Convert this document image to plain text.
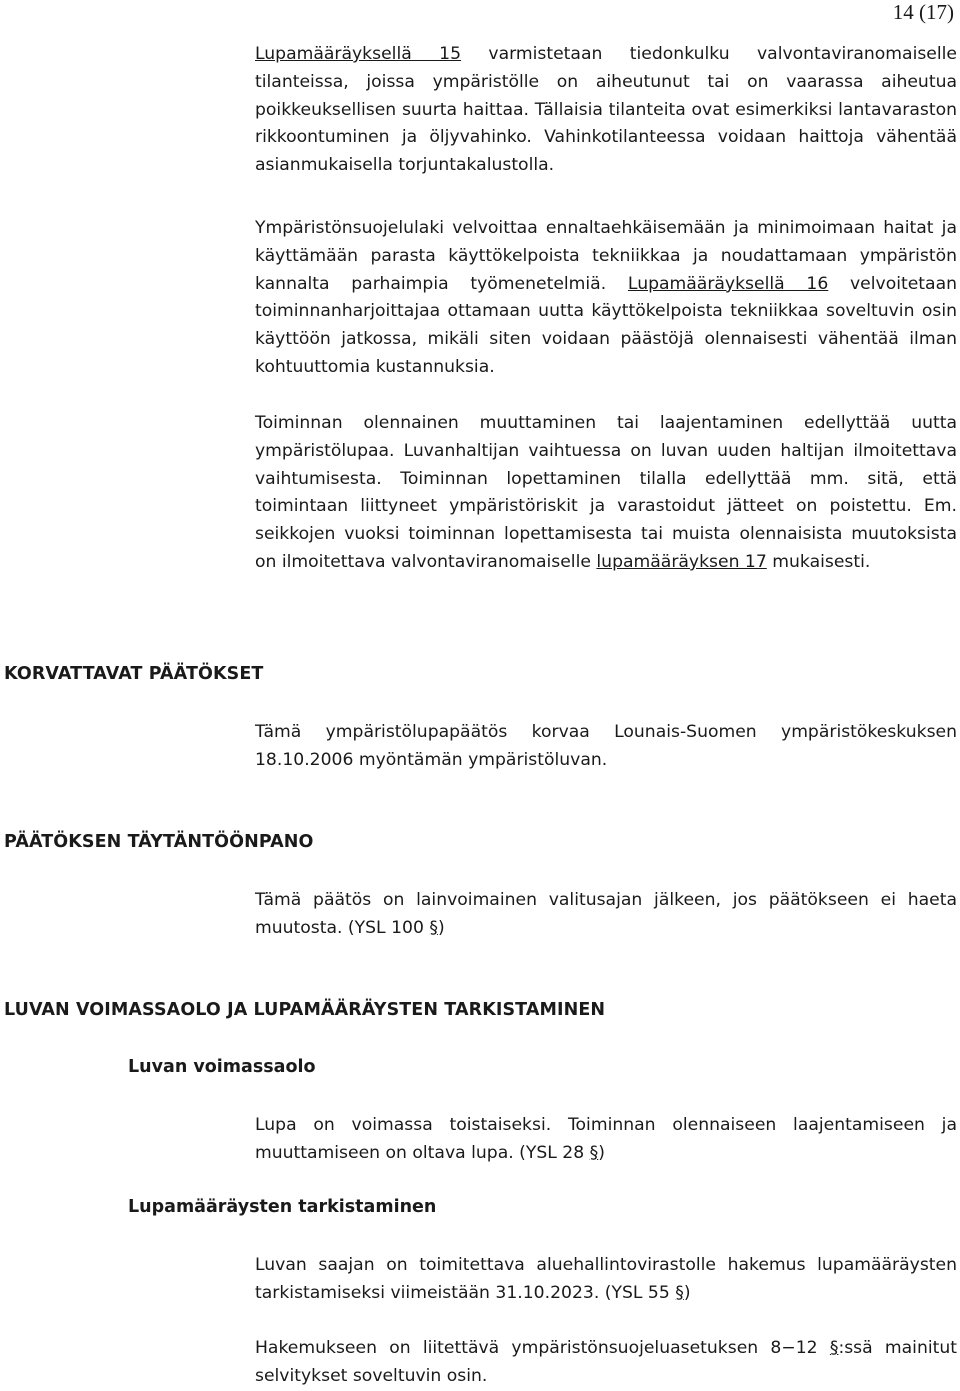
14 (17)

Lupamääräyksellä 15 varmistetaan tiedonkulku valvontaviranomaiselle tilanteissa, joissa ympäristölle on aiheutunut tai on vaarassa aiheutua poikkeuksellisen suurta haittaa. Tällaisia tilanteita ovat esimerkiksi lantavaraston rikkoontuminen ja öljyvahinko. Vahinkotilanteessa voidaan haittoja vähentää asianmukaisella torjuntakalustolla.

Ympäristönsuojelulaki velvoittaa ennaltaehkäisemään ja minimoimaan haitat ja käyttämään parasta käyttökelpoista tekniikkaa ja noudattamaan ympäristön kannalta parhaimpia työmenetelmiä. Lupamääräyksellä 16 velvoitetaan toiminnanharjoittajaa ottamaan uutta käyttökelpoista tekniikkaa soveltuvin osin käyttöön jatkossa, mikäli siten voidaan päästöjä olennaisesti vähentää ilman kohtuuttomia kustannuksia.

Toiminnan olennainen muuttaminen tai laajentaminen edellyttää uutta ympäristölupaa. Luvanhaltijan vaihtuessa on luvan uuden haltijan ilmoitettava vaihtumisesta. Toiminnan lopettaminen tilalla edellyttää mm. sitä, että toimintaan liittyneet ympäristöriskit ja varastoidut jätteet on poistettu. Em. seikkojen vuoksi toiminnan lopettamisesta tai muista olennaisista muutoksista on ilmoitettava valvontaviranomaiselle lupamääräyksen 17 mukaisesti.

KORVATTAVAT PÄÄTÖKSET

Tämä ympäristölupapäätös korvaa Lounais-Suomen ympäristökeskuksen 18.10.2006 myöntämän ympäristöluvan.

PÄÄTÖKSEN TÄYTÄNTÖÖNPANO

Tämä päätös on lainvoimainen valitusajan jälkeen, jos päätökseen ei haeta muutosta. (YSL 100 §)

LUVAN VOIMASSAOLO JA LUPAMÄÄRÄYSTEN TARKISTAMINEN
Luvan voimassaolo

Lupa on voimassa toistaiseksi. Toiminnan olennaiseen laajentamiseen ja muuttamiseen on oltava lupa. (YSL 28 §)

Lupamääräysten tarkistaminen

Luvan saajan on toimitettava aluehallintovirastolle hakemus lupamääräysten tarkistamiseksi viimeistään 31.10.2023. (YSL 55 §)

Hakemukseen on liitettävä ympäristönsuojeluasetuksen 8−12 §:ssä mainitut selvitykset soveltuvin osin.
